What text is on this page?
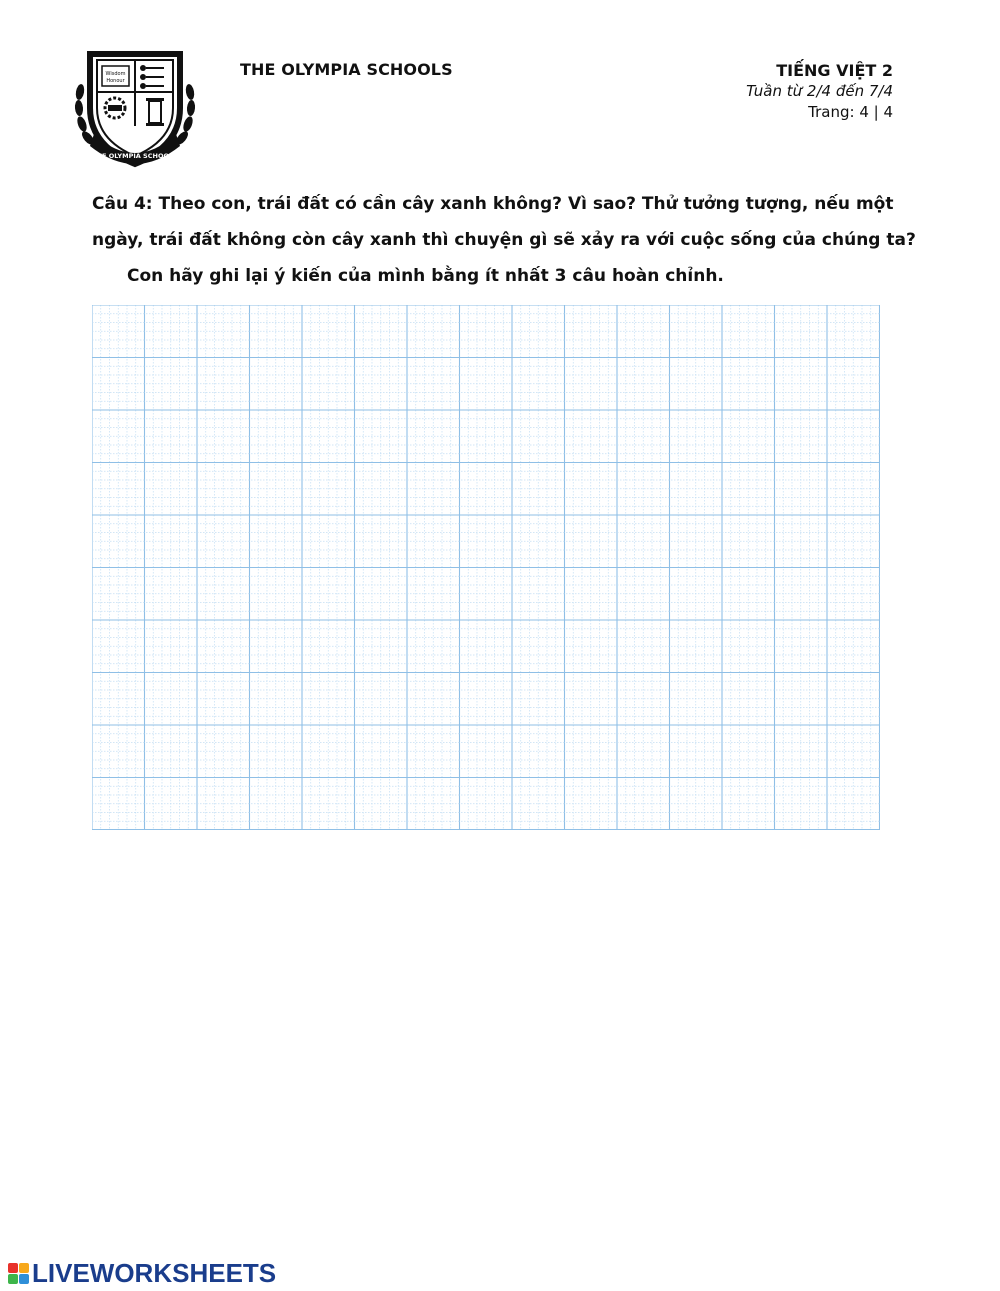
Wisdom
Honour
THE OLYMPIA SCHOOLS
THE OLYMPIA SCHOOLS	TIẾNG VIỆT 2
Tuần từ 2/4 đến 7/4
Trang: 4 | 4
Câu 4: Theo con, trái đất có cần cây xanh không? Vì sao? Thử tưởng tượng, nếu một
ngày, trái đất không còn cây xanh thì chuyện gì sẽ xảy ra với cuộc sống của chúng ta?
Con hãy ghi lại ý kiến của mình bằng ít nhất 3 câu hoàn chỉnh.
LIVEWORKSHEETS
